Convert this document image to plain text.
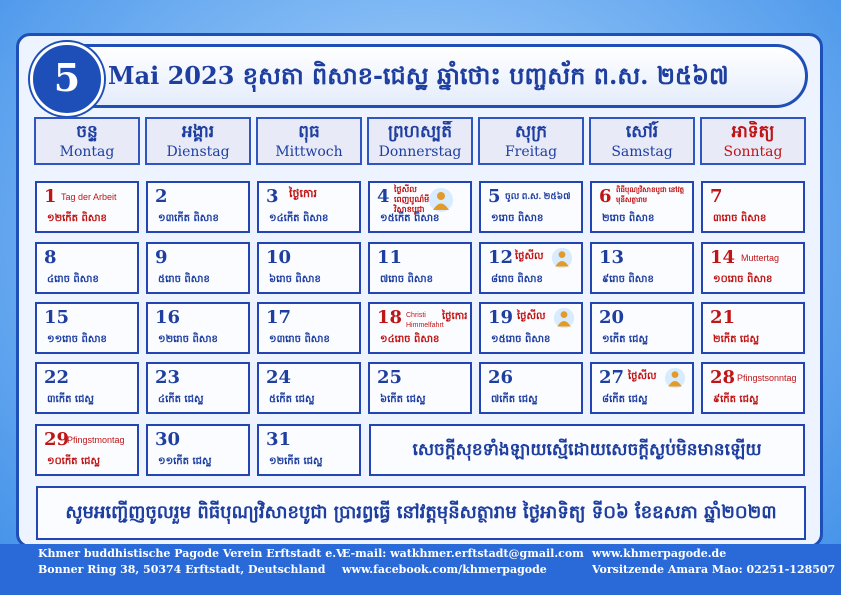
5	Mai 2023 ខុសតា ពិសាខ-ជេស្ឋ ឆ្នាំថោះ បញ្ចស័ក ព.ស. ២៥៦៧
ចន្ទ
Montag
អង្គារ
Dienstag
ពុធ
Mittwoch
ព្រហស្បតិ៍
Donnerstag
សុក្រ
Freitag
សៅរ៍
Samstag
អាទិត្យ
Sonntag
1 Tag der Arbeit
១២កើត ពិសាខ
2
១៣កើត ពិសាខ
3 ថ្ងៃកោរ
១៤កើត ពិសាខ
4 ថ្ងៃសីល ពេញបូណ៌មី វិសាខបូជា
១៥កើត ពិសាខ
5 ចូល ព.ស. ២៥៦៧
១រោច ពិសាខ
6 ពិធីបុណ្យវិសាខបូជា នៅវត្តមុនីសត្ថារាម
២រោច ពិសាខ
7
៣រោច ពិសាខ
8
៤រោច ពិសាខ
9
៥រោច ពិសាខ
10
៦រោច ពិសាខ
11
៧រោច ពិសាខ
12 ថ្ងៃសីល
៨រោច ពិសាខ
13
៩រោច ពិសាខ
14 Muttertag
១០រោច ពិសាខ
15
១១រោច ពិសាខ
16
១២រោច ពិសាខ
17
១៣រោច ពិសាខ
18 Christi Himmelfahrt
ថ្ងៃកោរ
១៤រោច ពិសាខ
19 ថ្ងៃសីល
១៥រោច ពិសាខ
20
១កើត ជេស្ឋ
21
២កើត ជេស្ឋ
22
៣កើត ជេស្ឋ
23
៤កើត ជេស្ឋ
24
៥កើត ជេស្ឋ
25
៦កើត ជេស្ឋ
26
៧កើត ជេស្ឋ
27 ថ្ងៃសីល
៨កើត ជេស្ឋ
28 Pfingstsonntag
៩កើត ជេស្ឋ
29
Pfingstmontag
១០កើត ជេស្ឋ
30
១១កើត ជេស្ឋ
31
១២កើត ជេស្ឋ
សេចក្តីសុខទាំងឡាយស្មើដោយសេចក្តីស្ងប់មិនមានឡើយ
សូមអញ្ជើញចូលរួម ពិធីបុណ្យវិសាខបូជា ប្រារព្ធធ្វើ នៅវត្តមុនីសត្ថារាម ថ្ងៃអាទិត្យ ទី០៦ ខែឧសភា ឆ្នាំ២០២៣
Khmer buddhistische Pagode Verein Erftstadt e.V.
Bonner Ring 38, 50374 Erftstadt, Deutschland
E-mail: watkhmer.erftstadt@gmail.com
www.facebook.com/khmerpagode
www.khmerpagode.de
Vorsitzende Amara Mao: 02251-128507
